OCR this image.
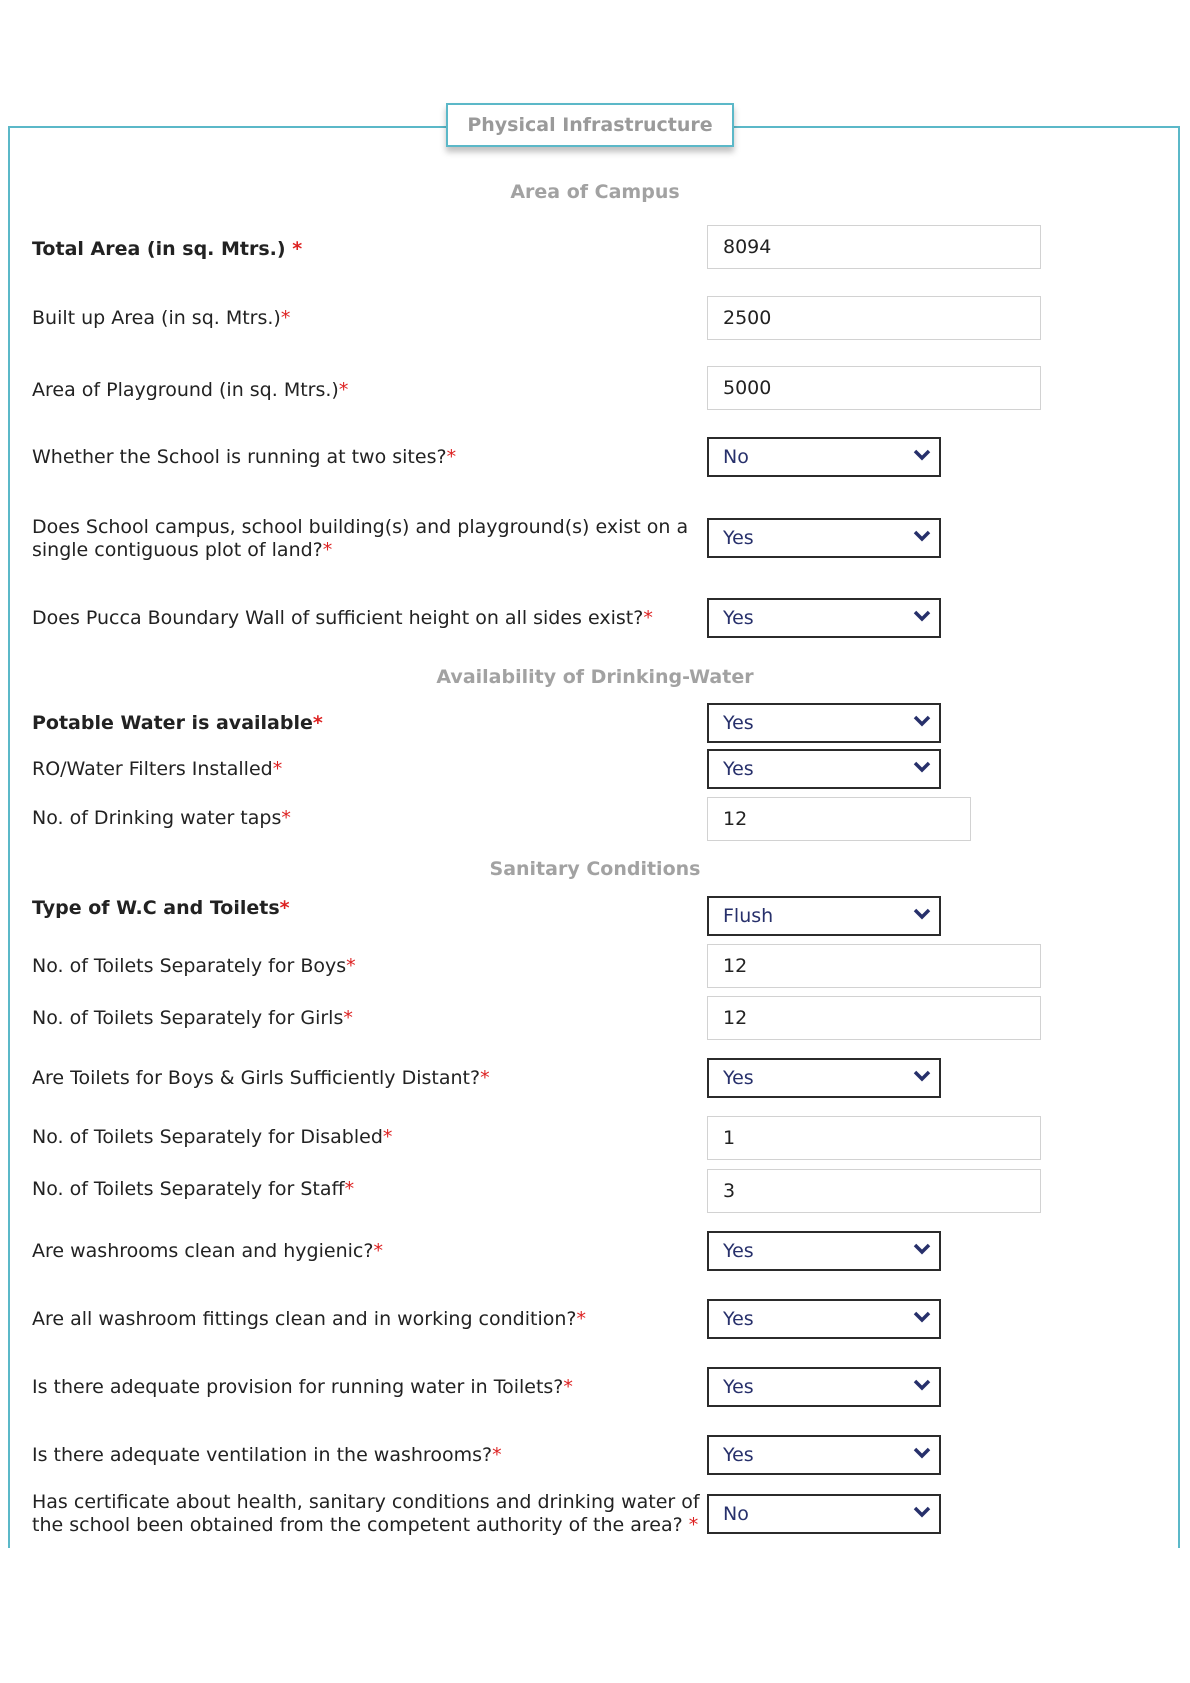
Physical Infrastructure
Area of Campus
Total Area (in sq. Mtrs.) *	8094
Built up Area (in sq. Mtrs.)*	2500
Area of Playground (in sq. Mtrs.)*	5000
Whether the School is running at two sites?*	No
Does School campus, school building(s) and playground(s) exist on a
single contiguous plot of land?*
Yes
Does Pucca Boundary Wall of sufficient height on all sides exist?*	Yes
Availability of Drinking-Water
Potable Water is available*	Yes
RO/Water Filters Installed*	Yes
No. of Drinking water taps*	12
Sanitary Conditions
Type of W.C and Toilets*	Flush
No. of Toilets Separately for Boys*	12
No. of Toilets Separately for Girls*	12
Are Toilets for Boys & Girls Sufficiently Distant?*	Yes
No. of Toilets Separately for Disabled*	1
No. of Toilets Separately for Staff*	3
Are washrooms clean and hygienic?*	Yes
Are all washroom fittings clean and in working condition?*	Yes
Is there adequate provision for running water in Toilets?*	Yes
Is there adequate ventilation in the washrooms?*	Yes
Has certificate about health, sanitary conditions and drinking water of
the school been obtained from the competent authority of the area? * No
